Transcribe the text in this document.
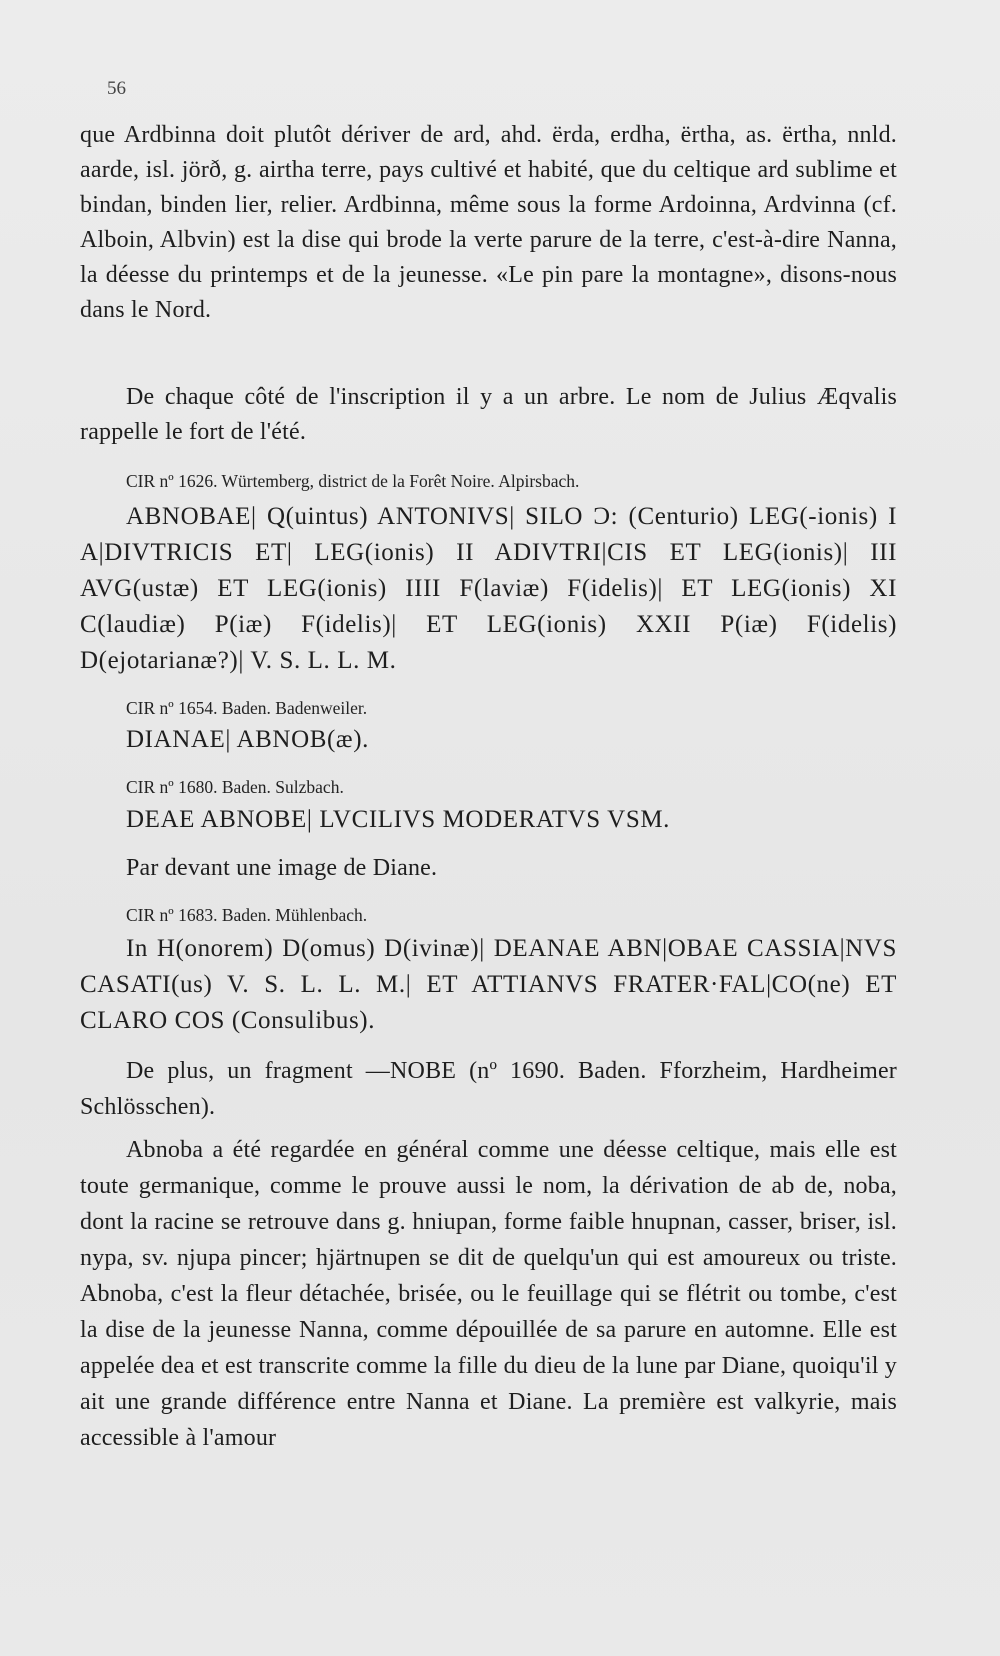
56

que Ardbinna doit plutôt dériver de ard, ahd. ërda, erdha, ërtha, as. ërtha, nnld. aarde, isl. jörð, g. airtha terre, pays cultivé et habité, que du celtique ard sublime et bindan, binden lier, relier. Ardbinna, même sous la forme Ardoinna, Ardvinna (cf. Alboin, Albvin) est la dise qui brode la verte parure de la terre, c'est-à-dire Nanna, la déesse du printemps et de la jeunesse. «Le pin pare la montagne», disons-nous dans le Nord.

De chaque côté de l'inscription il y a un arbre. Le nom de Julius Æqvalis rappelle le fort de l'été.

CIR nº 1626. Würtemberg, district de la Forêt Noire. Alpirsbach.

ABNOBAE| Q(uintus) ANTONIVS| SILO Ͻ: (Centurio) LEG(-ionis) I A|DIVTRICIS ET| LEG(ionis) II ADIVTRI|CIS ET LEG(ionis)| III AVG(ustæ) ET LEG(ionis) IIII F(laviæ) F(idelis)| ET LEG(ionis) XI C(laudiæ) P(iæ) F(idelis)| ET LEG(ionis) XXII P(iæ) F(idelis) D(ejotarianæ?)| V. S. L. L. M.

CIR nº 1654. Baden. Badenweiler.

DIANAE| ABNOB(æ).

CIR nº 1680. Baden. Sulzbach.

DEAE ABNOBE| LVCILIVS MODERATVS VSM.

Par devant une image de Diane.

CIR nº 1683. Baden. Mühlenbach.

In H(onorem) D(omus) D(ivinæ)| DEANAE ABN|OBAE CASSIA|NVS CASATI(us) V. S. L. L. M.| ET ATTIANVS FRATER·FAL|CO(ne) ET CLARO COS (Consulibus).

De plus, un fragment —NOBE (nº 1690. Baden. Fforzheim, Hardheimer Schlösschen).

Abnoba a été regardée en général comme une déesse celtique, mais elle est toute germanique, comme le prouve aussi le nom, la dérivation de ab de, noba, dont la racine se retrouve dans g. hniupan, forme faible hnupnan, casser, briser, isl. nypa, sv. njupa pincer; hjärtnupen se dit de quelqu'un qui est amoureux ou triste. Abnoba, c'est la fleur détachée, brisée, ou le feuillage qui se flétrit ou tombe, c'est la dise de la jeunesse Nanna, comme dépouillée de sa parure en automne. Elle est appelée dea et est transcrite comme la fille du dieu de la lune par Diane, quoiqu'il y ait une grande différence entre Nanna et Diane. La première est valkyrie, mais accessible à l'amour
